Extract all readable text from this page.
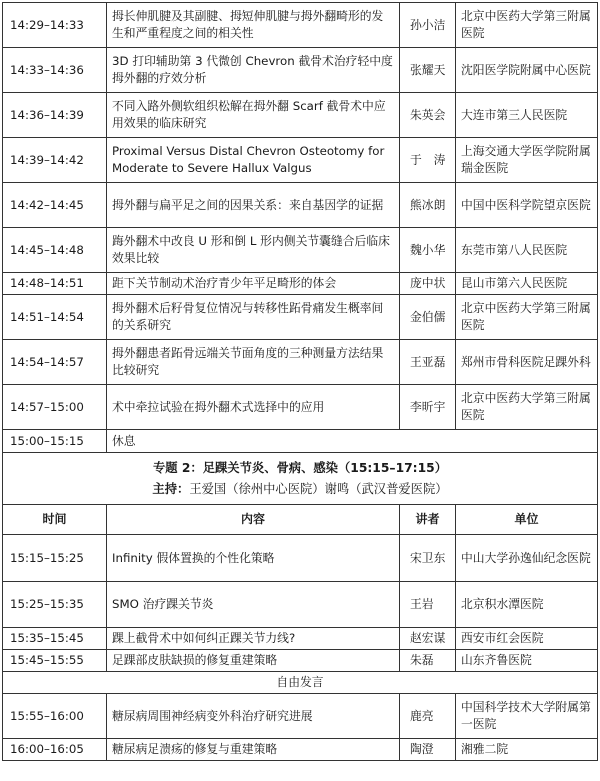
14:29–14:33	拇长伸肌腱及其副腱、拇短伸肌腱与拇外翻畸形的发生和严重程度之间的相关性	孙小洁	北京中医药大学第三附属医院
14:33–14:36	3D 打印辅助第 3 代微创 Chevron 截骨术治疗轻中度拇外翻的疗效分析	张耀天	沈阳医学院附属中心医院
14:36–14:39	不同入路外侧软组织松解在拇外翻 Scarf 截骨术中应用效果的临床研究	朱英会	大连市第三人民医院
14:39–14:42	Proximal Versus Distal Chevron Osteotomy for Moderate to Severe Hallux Valgus	于　涛	上海交通大学医学院附属瑞金医院
14:42–14:45	拇外翻与扁平足之间的因果关系：来自基因学的证据	熊冰朗	中国中医科学院望京医院
14:45–14:48	踇外翻术中改良 U 形和倒 L 形内侧关节囊缝合后临床效果比较	魏小华	东莞市第八人民医院
14:48–14:51	距下关节制动术治疗青少年平足畸形的体会	庞中状	昆山市第六人民医院
14:51–14:54	拇外翻术后籽骨复位情况与转移性跖骨痛发生概率间的关系研究	金伯儒	北京中医药大学第三附属医院
14:54–14:57	拇外翻患者跖骨远端关节面角度的三种测量方法结果比较研究	王亚磊	郑州市骨科医院足踝外科
14:57–15:00	术中牵拉试验在拇外翻术式选择中的应用	李昕宇	北京中医药大学第三附属医院
15:00–15:15	休息		

专题 2：足踝关节炎、骨病、感染（15:15–17:15）
主持：王爱国（徐州中心医院）谢鸣（武汉普爱医院）			

时间	内容	讲者	单位
15:15–15:25	Infinity 假体置换的个性化策略	宋卫东	中山大学孙逸仙纪念医院
15:25–15:35	SMO 治疗踝关节炎	王岩	北京积水潭医院
15:35–15:45	踝上截骨术中如何纠正踝关节力线?	赵宏谋	西安市红会医院
15:45–15:55	足踝部皮肤缺损的修复重建策略	朱磊	山东齐鲁医院
自由发言			
15:55–16:00	糖尿病周围神经病变外科治疗研究进展	鹿亮	中国科学技术大学附属第一医院
16:00–16:05	糖尿病足溃疡的修复与重建策略	陶澄	湘雅二院
